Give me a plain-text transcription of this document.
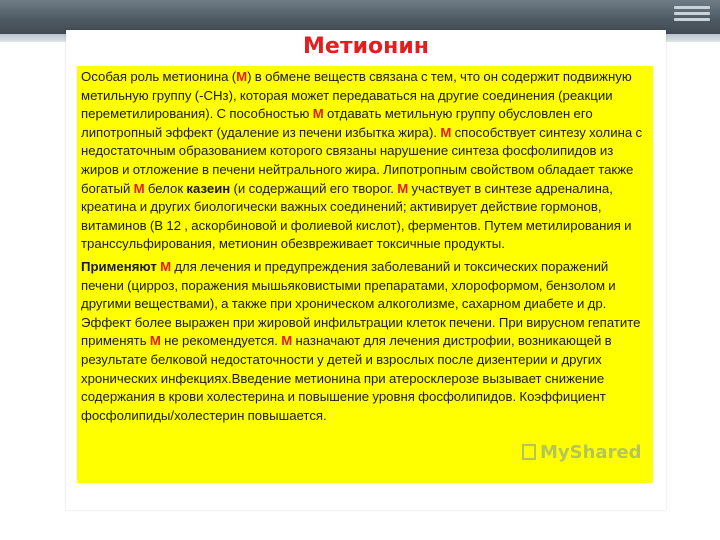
Метионин

Особая роль метионина (М) в обмене веществ связана с тем, что он содержит подвижную метильную группу (-СНз), которая может передаваться на другие соединения (реакции переметилирования). С пособностью М отдавать метильную группу обусловлен его липотропный эффект (удаление из печени избытка жира). М способствует синтезу холина с недостаточным образованием которого связаны нарушение синтеза фосфолипидов из жиров и отложение в печени нейтрального жира. Липотропным свойством обладает также богатый М белок казеин (и содержащий его творог. М участвует в синтезе адреналина, креатина и других биологически важных соединений; активирует действие гормонов, витаминов (В 12 , аскорбиновой и фолиевой кислот), ферментов. Путем метилирования и транссульфирования, метионин обезвреживает токсичные продукты.

Применяют М для лечения и предупреждения заболеваний и токсических поражений печени (цирроз, поражения мышьяковистыми препаратами, хлороформом, бензолом и другими веществами), а также при хроническом алкоголизме, сахарном диабете и др. Эффект более выражен при жировой инфильтрации клеток печени. При вирусном гепатите применять М не рекомендуется. М назначают для лечения дистрофии, возникающей в результате белковой недостаточности у детей и взрослых после дизентерии и других хронических инфекциях.Введение метионина при атеросклерозе вызывает снижение содержания в крови холестерина и повышение уровня фосфолипидов. Коэффициент фосфолипиды/холестерин повышается.

MyShared
